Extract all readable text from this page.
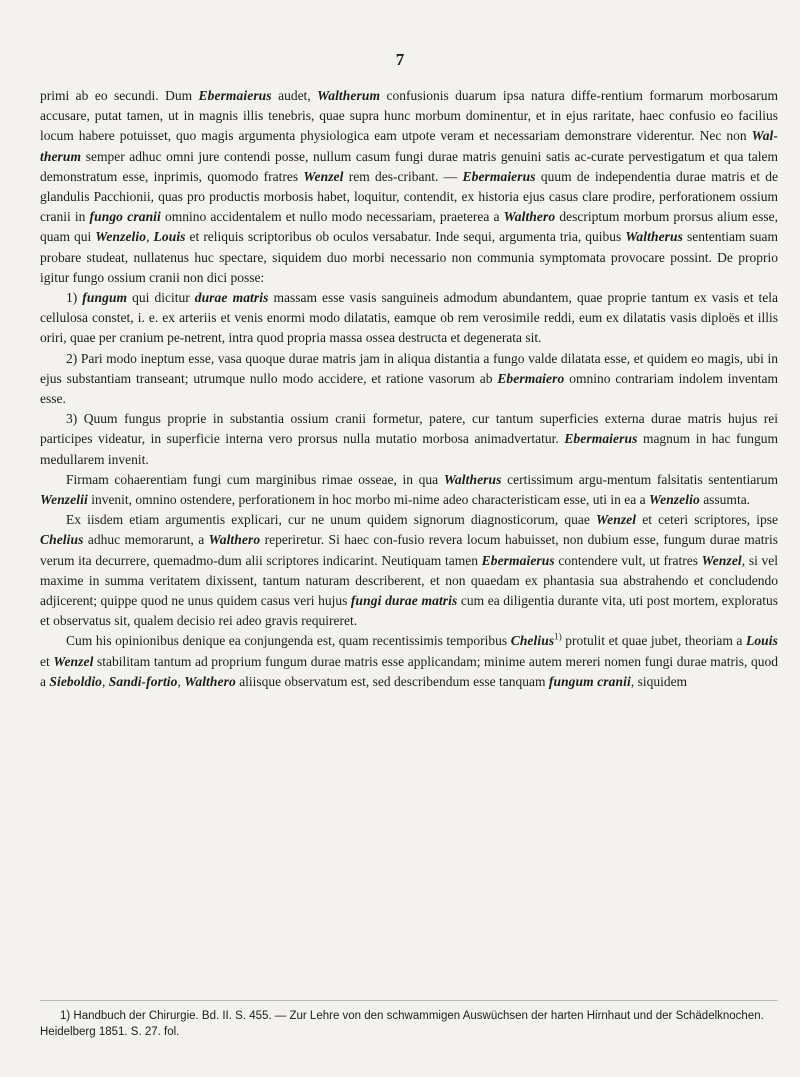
7

primi ab eo secundi. Dum Ebermaierus audet, Waltherum confusionis duarum ipsa natura diffe-rentium formarum morbosarum accusare, putat tamen, ut in magnis illis tenebris, quae supra hunc morbum dominentur, et in ejus raritate, haec confusio eo facilius locum habere potuisset, quo magis argumenta physiologica eam utpote veram et necessariam demonstrare viderentur. Nec non Wal-therum semper adhuc omni jure contendi posse, nullum casum fungi durae matris genuini satis ac-curate pervestigatum et qua talem demonstratum esse, inprimis, quomodo fratres Wenzel rem des-cribant. — Ebermaierus quum de independentia durae matris et de glandulis Pacchionii, quas pro productis morbosis habet, loquitur, contendit, ex historia ejus casus clare prodire, perforationem ossium cranii in fungo cranii omnino accidentalem et nullo modo necessariam, praeterea a Walthero descriptum morbum prorsus alium esse, quam qui Wenzelio, Louis et reliquis scriptoribus ob oculos versabatur. Inde sequi, argumenta tria, quibus Waltherus sententiam suam probare studeat, nullatenus huc spectare, siquidem duo morbi necessario non communia symptomata provocare possint. De proprio igitur fungo ossium cranii non dici posse:

1) fungum qui dicitur durae matris massam esse vasis sanguineis admodum abundantem, quae proprie tantum ex vasis et tela cellulosa constet, i. e. ex arteriis et venis enormi modo dilatatis, eamque ob rem verosimile reddi, eum ex dilatatis vasis diploës et illis oriri, quae per cranium pe-netrent, intra quod propria massa ossea destructa et degenerata sit.

2) Pari modo ineptum esse, vasa quoque durae matris jam in aliqua distantia a fungo valde dilatata esse, et quidem eo magis, ubi in ejus substantiam transeant; utrumque nullo modo accidere, et ratione vasorum ab Ebermaiero omnino contrariam indolem inventam esse.

3) Quum fungus proprie in substantia ossium cranii formetur, patere, cur tantum superficies externa durae matris hujus rei participes videatur, in superficie interna vero prorsus nulla mutatio morbosa animadvertatur. Ebermaierus magnum in hac fungum medullarem invenit.

Firmam cohaerentiam fungi cum marginibus rimae osseae, in qua Waltherus certissimum argu-mentum falsitatis sententiarum Wenzelii invenit, omnino ostendere, perforationem in hoc morbo mi-nime adeo characteristicam esse, uti in ea a Wenzelio assumta.

Ex iisdem etiam argumentis explicari, cur ne unum quidem signorum diagnosticorum, quae Wenzel et ceteri scriptores, ipse Chelius adhuc memorarunt, a Walthero reperiretur. Si haec con-fusio revera locum habuisset, non dubium esse, fungum durae matris verum ita decurrere, quemadmo-dum alii scriptores indicarint. Neutiquam tamen Ebermaierus contendere vult, ut fratres Wenzel, si vel maxime in summa veritatem dixissent, tantum naturam describerent, et non quaedam ex phantasia sua abstrahendo et concludendo adjicerent; quippe quod ne unus quidem casus veri hujus fungi durae matris cum ea diligentia durante vita, uti post mortem, exploratus et observatus sit, qualem decisio rei adeo gravis requireret.

Cum his opinionibus denique ea conjungenda est, quam recentissimis temporibus Chelius$^{1)}$ protulit et quae jubet, theoriam a Louis et Wenzel stabilitam tantum ad proprium fungum durae matris esse applicandam; minime autem mereri nomen fungi durae matris, quod a Sieboldio, Sandi-fortio, Walthero aliisque observatum est, sed describendum esse tanquam fungum cranii, siquidem

1) Handbuch der Chirurgie. Bd. II. S. 455. — Zur Lehre von den schwammigen Auswüchsen der harten Hirnhaut und der Schädelknochen. Heidelberg 1851. S. 27. fol.
